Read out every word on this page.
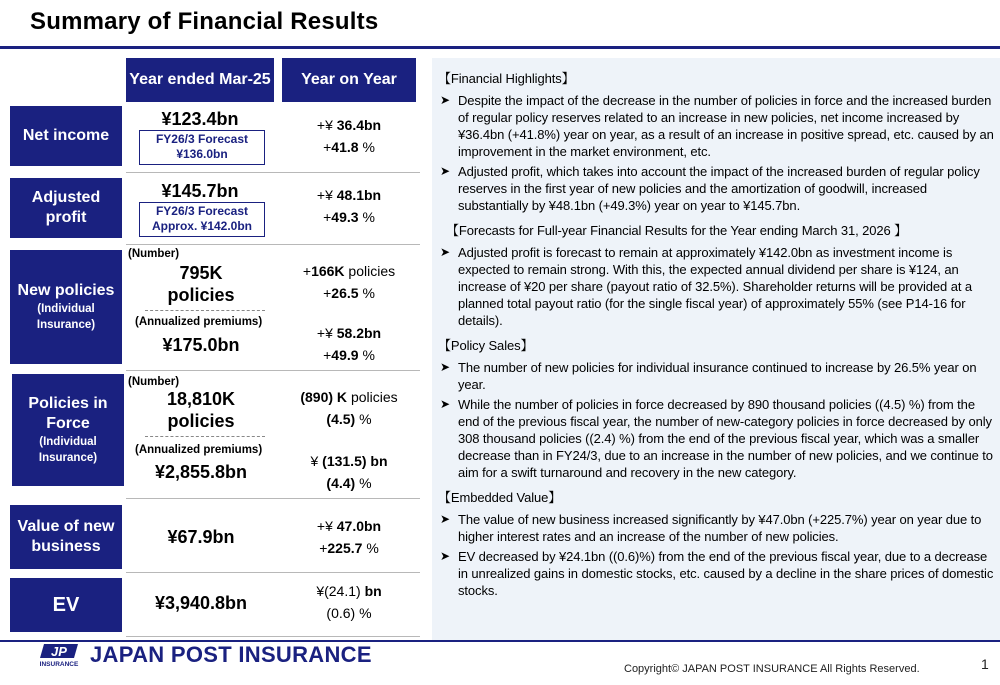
Summary of Financial Results
Year ended Mar-25	Year on Year
Net income
Adjusted profit
New policies
(Individual Insurance)
Policies in Force
(Individual Insurance)
Value of new business
EV
¥123.4bn
FY26/3 Forecast
¥136.0bn
+¥ 36.4bn
+41.8 %
¥145.7bn
FY26/3 Forecast
Approx. ¥142.0bn
+¥ 48.1bn
+49.3 %
(Number)
795K
policies
(Annualized premiums)
¥175.0bn
+166K policies
+26.5 %
+¥ 58.2bn
+49.9 %
(Number)
18,810K
policies
(Annualized premiums)
¥2,855.8bn
(890) K policies
(4.5) %
¥ (131.5) bn
(4.4) %
¥67.9bn
+¥ 47.0bn
+225.7 %
¥3,940.8bn
¥(24.1) bn
(0.6) %
【Financial Highlights】
➤ Despite the impact of the decrease in the number of policies in force and the increased burden of regular policy reserves related to an increase in new policies, net income increased by ¥36.4bn (+41.8%) year on year, as a result of an increase in positive spread, etc. caused by an improvement in the market environment, etc.
➤ Adjusted profit, which takes into account the impact of the increased burden of regular policy reserves in the first year of new policies and the amortization of goodwill, increased substantially by ¥48.1bn (+49.3%) year on year to ¥145.7bn.
【Forecasts for Full-year Financial Results for the Year ending March 31, 2026 】
➤ Adjusted profit is forecast to remain at approximately ¥142.0bn as investment income is expected to remain strong. With this, the expected annual dividend per share is ¥124, an increase of ¥20 per share (payout ratio of 32.5%). Shareholder returns will be provided at a planned total payout ratio (for the single fiscal year) of approximately 55% (see P14-16 for details).
【Policy Sales】
➤ The number of new policies for individual insurance continued to increase by 26.5% year on year.
➤ While the number of policies in force decreased by 890 thousand policies ((4.5) %) from the end of the previous fiscal year, the number of new-category policies in force decreased by only 308 thousand policies ((2.4) %) from the end of the previous fiscal year, which was a smaller decrease than in FY24/3, due to an increase in the number of new policies, and we continue to aim for a swift turnaround and recovery in the new category.
【Embedded Value】
➤ The value of new business increased significantly by ¥47.0bn (+225.7%) year on year due to higher interest rates and an increase of the number of new policies.
➤ EV decreased by ¥24.1bn ((0.6)%) from the end of the previous fiscal year, due to a decrease in unrealized gains in domestic stocks, etc. caused by a decline in the share prices of domestic stocks.
JP
INSURANCE JAPAN POST INSURANCE
Copyright© JAPAN POST INSURANCE All Rights Reserved.	1
